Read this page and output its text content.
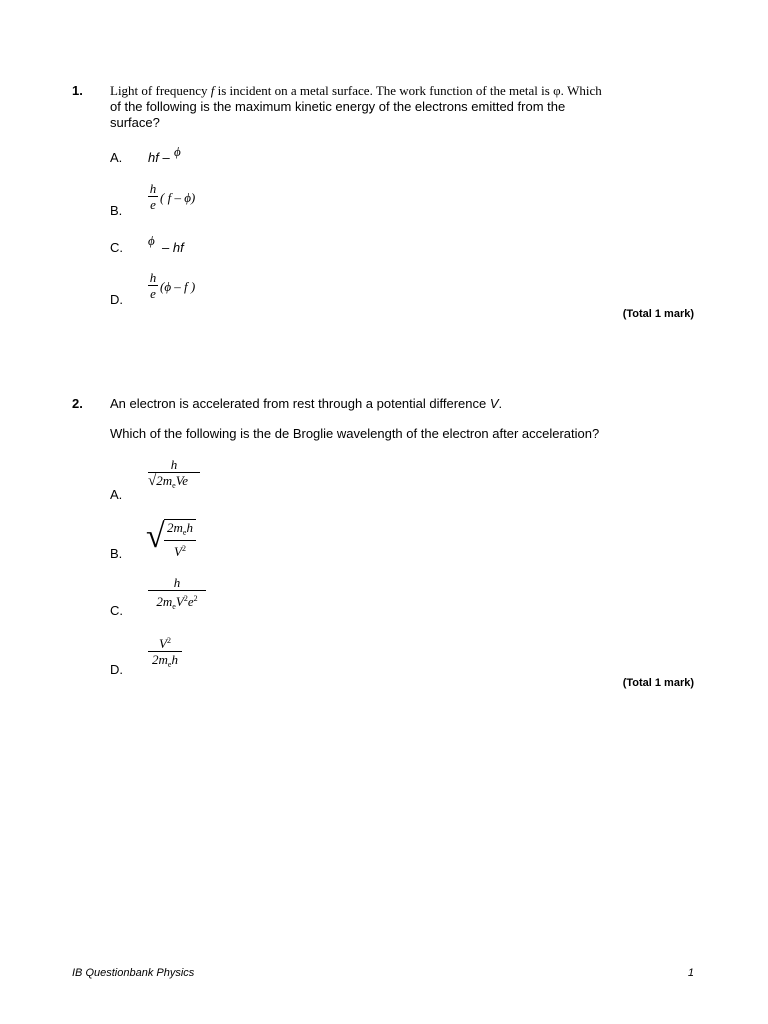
1. Light of frequency f is incident on a metal surface. The work function of the metal is φ. Which
of the following is the maximum kinetic energy of the electrons emitted from the
surface?
A. hf – ϕ
B.
h
e ( f – ϕ)
C. ϕ – hf
D.
h
e (ϕ – f )
(Total 1 mark)
2. An electron is accelerated from rest through a potential difference V.
Which of the following is the de Broglie wavelength of the electron after acceleration?
A.
h
$√2m_eVe$
B. √ $2m_eh$
$V^2$
C.
h
$2m_eV^2e^2$
D.
$V^2$
$2m_eh$
(Total 1 mark)
IB Questionbank Physics	1
